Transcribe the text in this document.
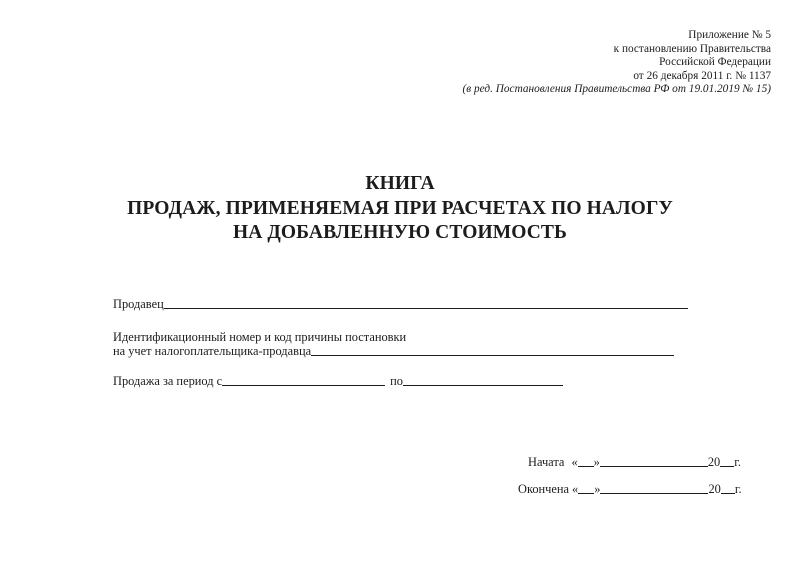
Приложение № 5
к постановлению Правительства
Российской Федерации
от 26 декабря 2011 г. № 1137
(в ред. Постановления Правительства РФ от 19.01.2019 № 15)
КНИГА
ПРОДАЖ, ПРИМЕНЯЕМАЯ ПРИ РАСЧЕТАХ ПО НАЛОГУ
НА ДОБАВЛЕННУЮ СТОИМОСТЬ
Продавец
Идентификационный номер и код причины постановки
на учет налогоплательщика-продавца
Продажа за период с	по
Начата « »	20 г.
Окончена « »	20 г.
